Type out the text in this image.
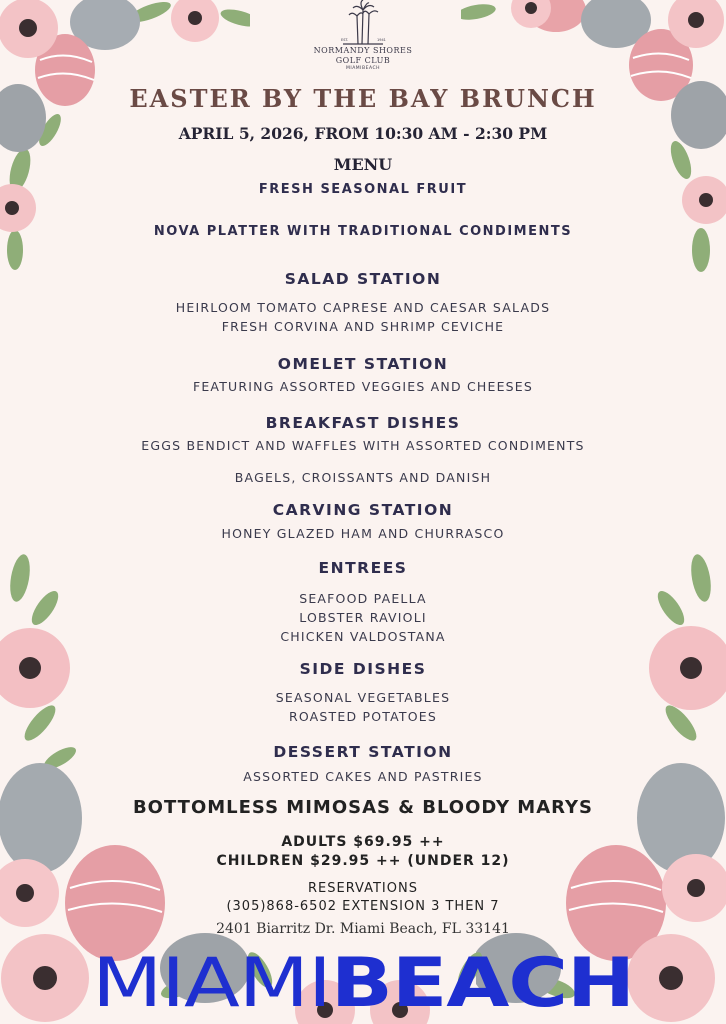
EST.	1941
NORMANDY SHORES
GOLF CLUB
MIAMIBEACH
EASTER BY THE BAY BRUNCH
APRIL 5, 2026, FROM 10:30 AM - 2:30 PM
MENU
FRESH SEASONAL FRUIT
NOVA PLATTER WITH TRADITIONAL CONDIMENTS
SALAD STATION
HEIRLOOM TOMATO CAPRESE AND CAESAR SALADS
FRESH CORVINA AND SHRIMP CEVICHE
OMELET STATION
FEATURING ASSORTED VEGGIES AND CHEESES
BREAKFAST DISHES
EGGS BENDICT AND WAFFLES WITH ASSORTED CONDIMENTS
BAGELS, CROISSANTS AND DANISH
CARVING STATION
HONEY GLAZED HAM AND CHURRASCO
ENTREES
SEAFOOD PAELLA
LOBSTER RAVIOLI
CHICKEN VALDOSTANA
SIDE DISHES
SEASONAL VEGETABLES
ROASTED POTATOES
DESSERT STATION
ASSORTED CAKES AND PASTRIES
BOTTOMLESS MIMOSAS & BLOODY MARYS
ADULTS $69.95 ++
CHILDREN $29.95 ++ (UNDER 12)
RESERVATIONS
(305)868-6502 EXTENSION 3 THEN 7
2401 Biarritz Dr. Miami Beach, FL 33141
MIAMIBEACH
